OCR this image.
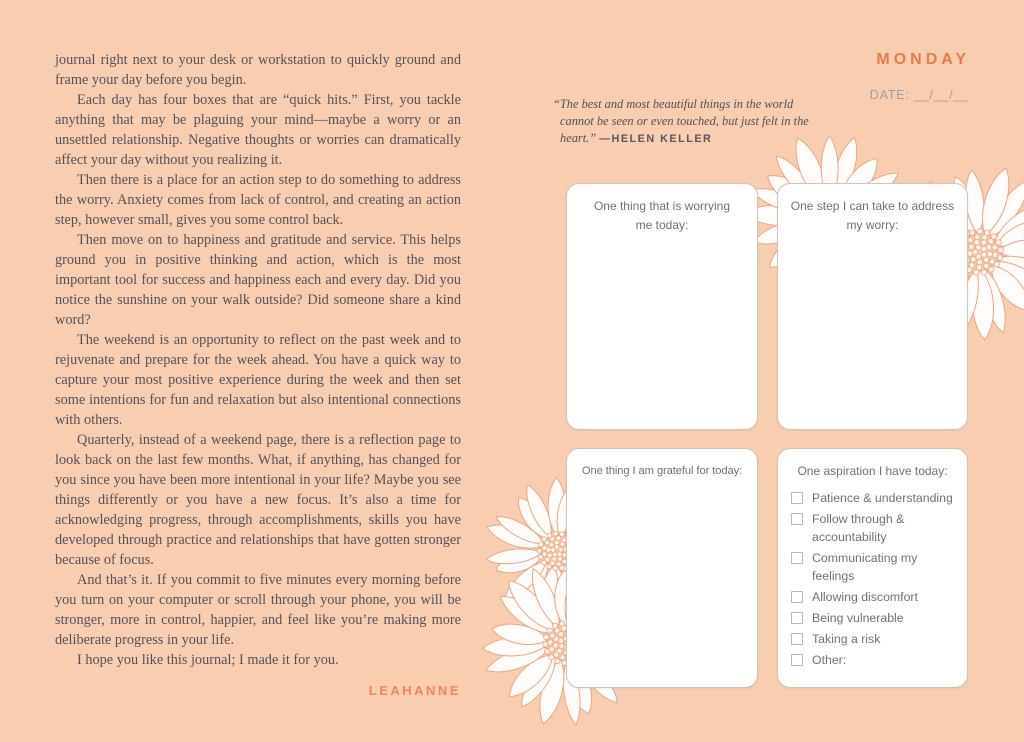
journal right next to your desk or workstation to quickly ground and frame your day before you begin.

Each day has four boxes that are “quick hits.” First, you tackle anything that may be plaguing your mind—maybe a worry or an unsettled relationship. Negative thoughts or worries can dramatically affect your day without you realizing it.

Then there is a place for an action step to do something to address the worry. Anxiety comes from lack of control, and creating an action step, however small, gives you some control back.

Then move on to happiness and gratitude and service. This helps ground you in positive thinking and action, which is the most important tool for success and happiness each and every day. Did you notice the sunshine on your walk outside? Did someone share a kind word?

The weekend is an opportunity to reflect on the past week and to rejuvenate and prepare for the week ahead. You have a quick way to capture your most positive experience during the week and then set some intentions for fun and relaxation but also intentional connections with others.

Quarterly, instead of a weekend page, there is a reflection page to look back on the last few months. What, if anything, has changed for you since you have been more intentional in your life? Maybe you see things differently or you have a new focus. It’s also a time for acknowledging progress, through accomplishments, skills you have developed through practice and relationships that have gotten stronger because of focus.

And that’s it. If you commit to five minutes every morning before you turn on your computer or scroll through your phone, you will be stronger, more in control, happier, and feel like you’re making more deliberate progress in your life.

I hope you like this journal; I made it for you.

LEAHANNE
MONDAY
DATE: __/__/__
“The best and most beautiful things in the world cannot be seen or even touched, but just felt in the heart.” —HELEN KELLER
One thing that is worrying
me today:
One step I can take to address
my worry:
One thing I am grateful for today:	One aspiration I have today:
Patience & understanding
Follow through & accountability
Communicating my feelings
Allowing discomfort
Being vulnerable
Taking a risk
Other:
